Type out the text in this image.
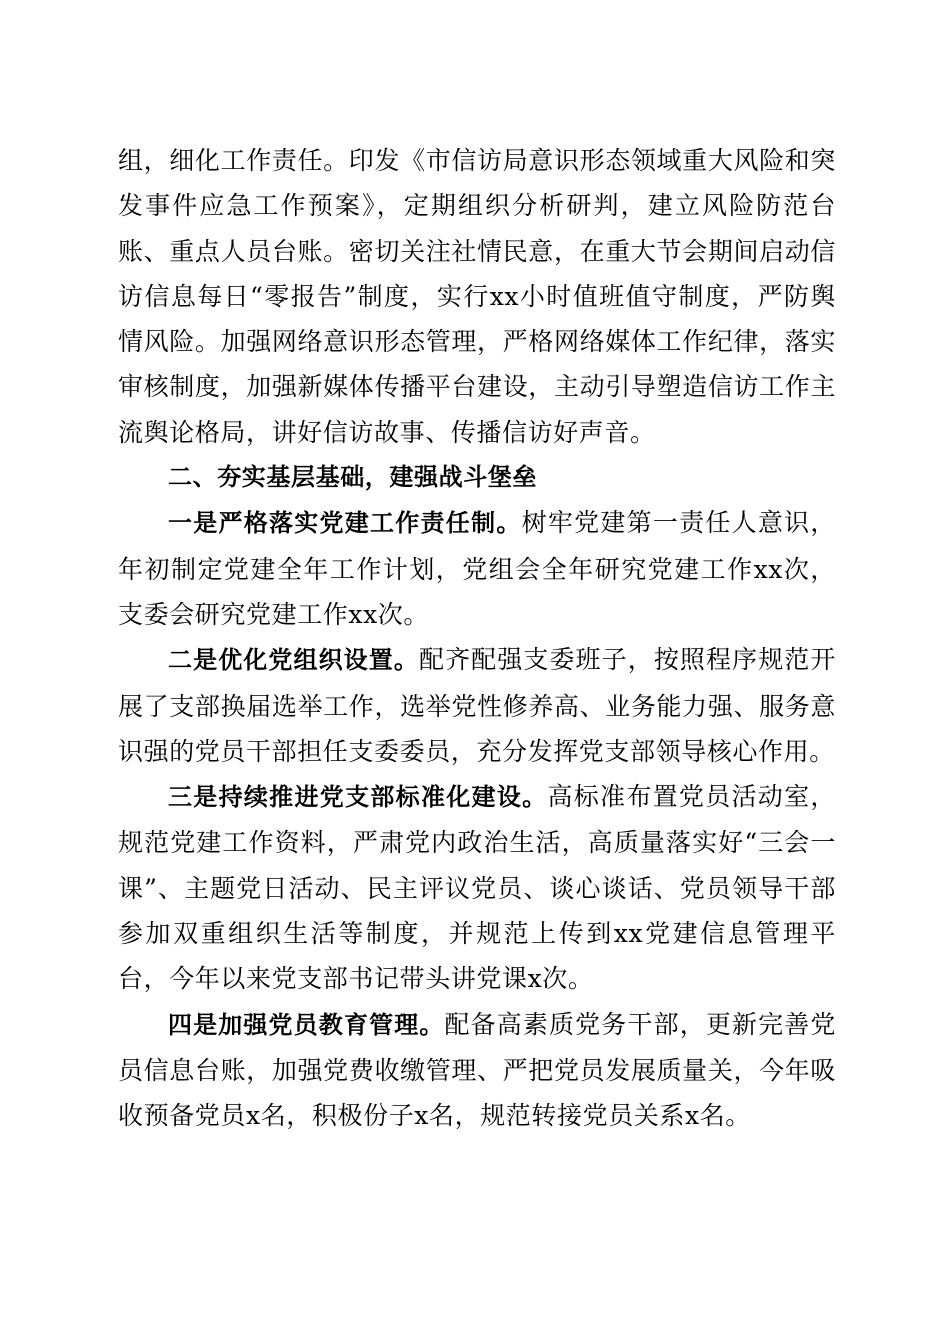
组，细化工作责任。印发《市信访局意识形态领域重大风险和突发事件应急工作预案》，定期组织分析研判，建立风险防范台账、重点人员台账。密切关注社情民意，在重大节会期间启动信访信息每日“零报告”制度，实行xx小时值班值守制度，严防舆情风险。加强网络意识形态管理，严格网络媒体工作纪律，落实审核制度，加强新媒体传播平台建设，主动引导塑造信访工作主流舆论格局，讲好信访故事、传播信访好声音。

二、夯实基层基础，建强战斗堡垒

一是严格落实党建工作责任制。树牢党建第一责任人意识，年初制定党建全年工作计划，党组会全年研究党建工作xx次，支委会研究党建工作xx次。

二是优化党组织设置。配齐配强支委班子，按照程序规范开展了支部换届选举工作，选举党性修养高、业务能力强、服务意识强的党员干部担任支委委员，充分发挥党支部领导核心作用。

三是持续推进党支部标准化建设。高标准布置党员活动室，规范党建工作资料，严肃党内政治生活，高质量落实好“三会一课”、主题党日活动、民主评议党员、谈心谈话、党员领导干部参加双重组织生活等制度，并规范上传到xx党建信息管理平台，今年以来党支部书记带头讲党课x次。

四是加强党员教育管理。配备高素质党务干部，更新完善党员信息台账，加强党费收缴管理、严把党员发展质量关，今年吸收预备党员x名，积极份子x名，规范转接党员关系x名。
